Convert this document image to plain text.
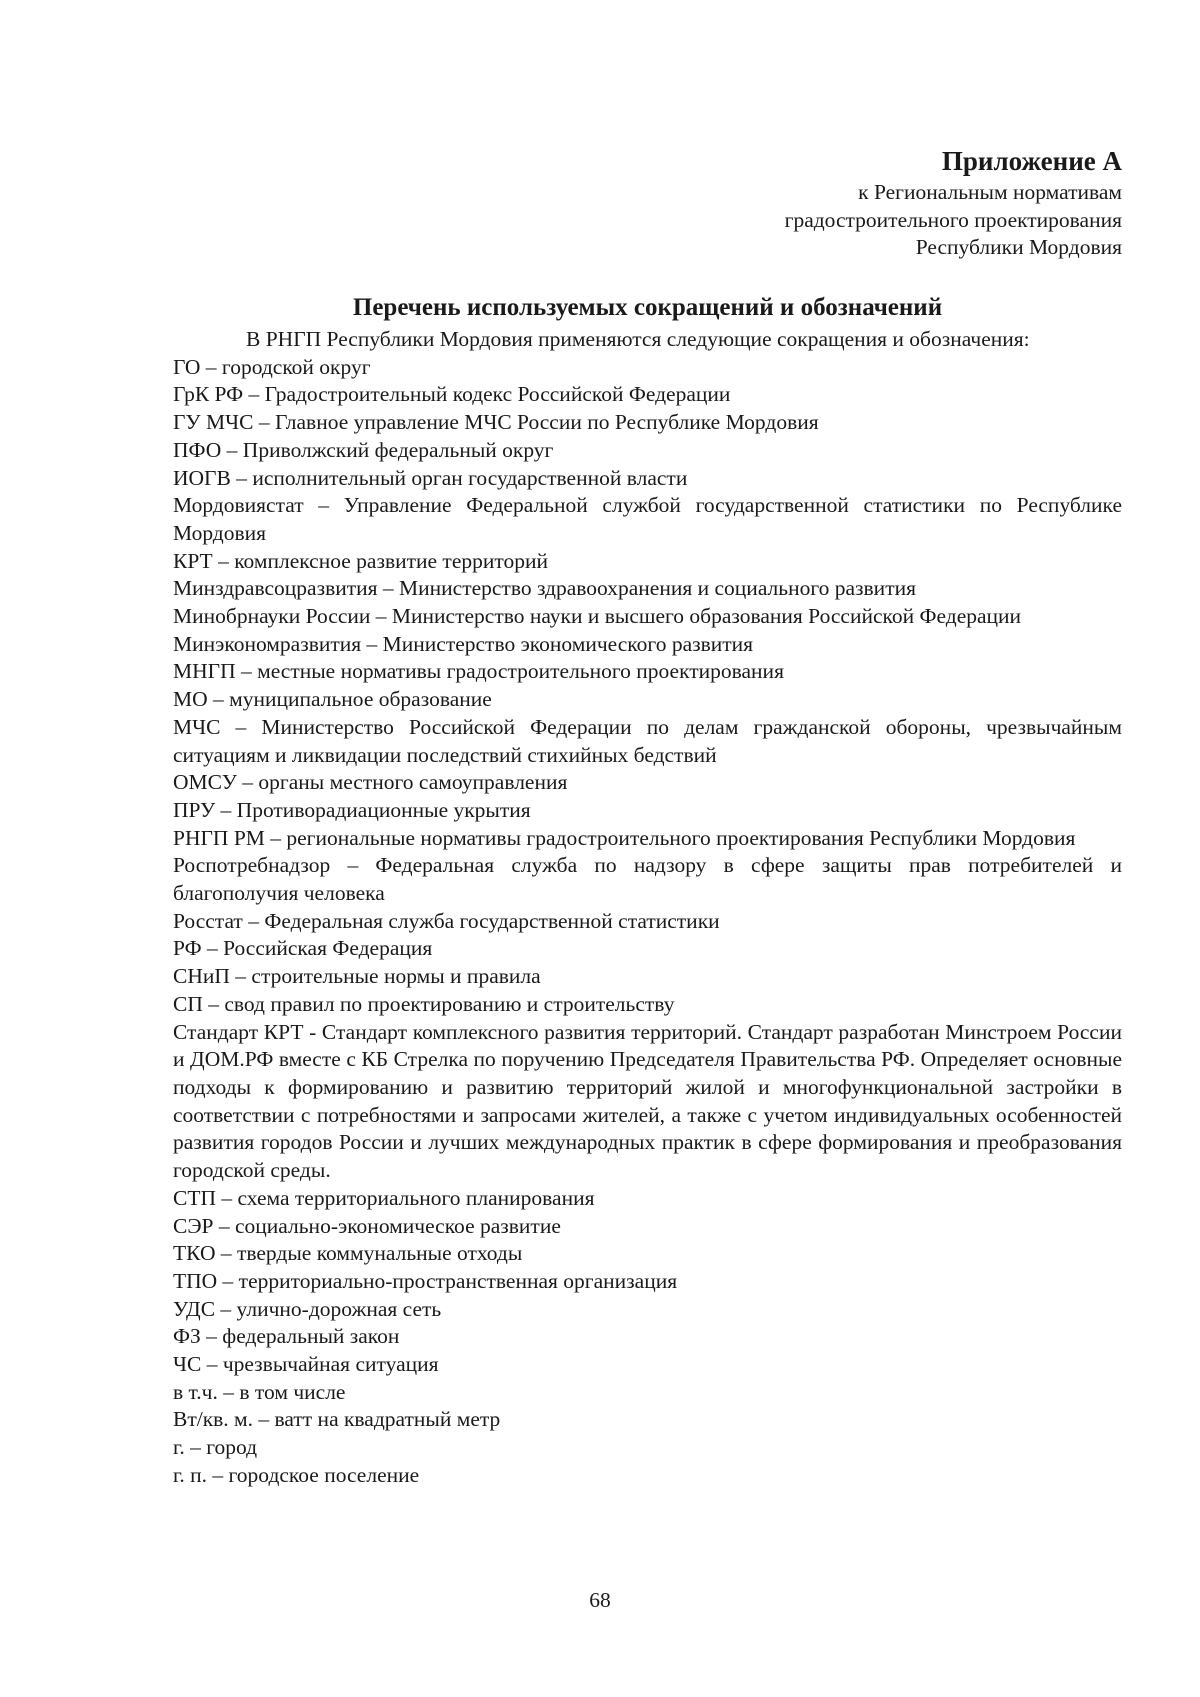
Приложение А
к Региональным нормативам
градостроительного проектирования
Республики Мордовия
Перечень используемых сокращений и обозначений
В РНГП Республики Мордовия применяются следующие сокращения и обозначения:
ГО – городской округ
ГрК РФ – Градостроительный кодекс Российской Федерации
ГУ МЧС – Главное управление МЧС России по Республике Мордовия
ПФО – Приволжский федеральный округ
ИОГВ – исполнительный орган государственной власти
Мордовиястат – Управление Федеральной службой государственной статистики по Республике Мордовия
КРТ – комплексное развитие территорий
Минздравсоцразвития – Министерство здравоохранения и социального развития
Минобрнауки России – Министерство науки и высшего образования Российской Федерации
Минэкономразвития – Министерство экономического развития
МНГП – местные нормативы градостроительного проектирования
МО – муниципальное образование
МЧС – Министерство Российской Федерации по делам гражданской обороны, чрезвычайным ситуациям и ликвидации последствий стихийных бедствий
ОМСУ – органы местного самоуправления
ПРУ – Противорадиационные укрытия
РНГП РМ – региональные нормативы градостроительного проектирования Республики Мордовия
Роспотребнадзор – Федеральная служба по надзору в сфере защиты прав потребителей и благополучия человека
Росстат – Федеральная служба государственной статистики
РФ – Российская Федерация
СНиП – строительные нормы и правила
СП – свод правил по проектированию и строительству
Стандарт КРТ - Стандарт комплексного развития территорий. Стандарт разработан Минстроем России и ДОМ.РФ вместе с КБ Стрелка по поручению Председателя Правительства РФ. Определяет основные подходы к формированию и развитию территорий жилой и многофункциональной застройки в соответствии с потребностями и запросами жителей, а также с учетом индивидуальных особенностей развития городов России и лучших международных практик в сфере формирования и преобразования городской среды.
СТП – схема территориального планирования
СЭР – социально-экономическое развитие
ТКО – твердые коммунальные отходы
ТПО – территориально-пространственная организация
УДС – улично-дорожная сеть
ФЗ – федеральный закон
ЧС – чрезвычайная ситуация
в т.ч. – в том числе
Вт/кв. м. – ватт на квадратный метр
г. – город
г. п. – городское поселение
68
